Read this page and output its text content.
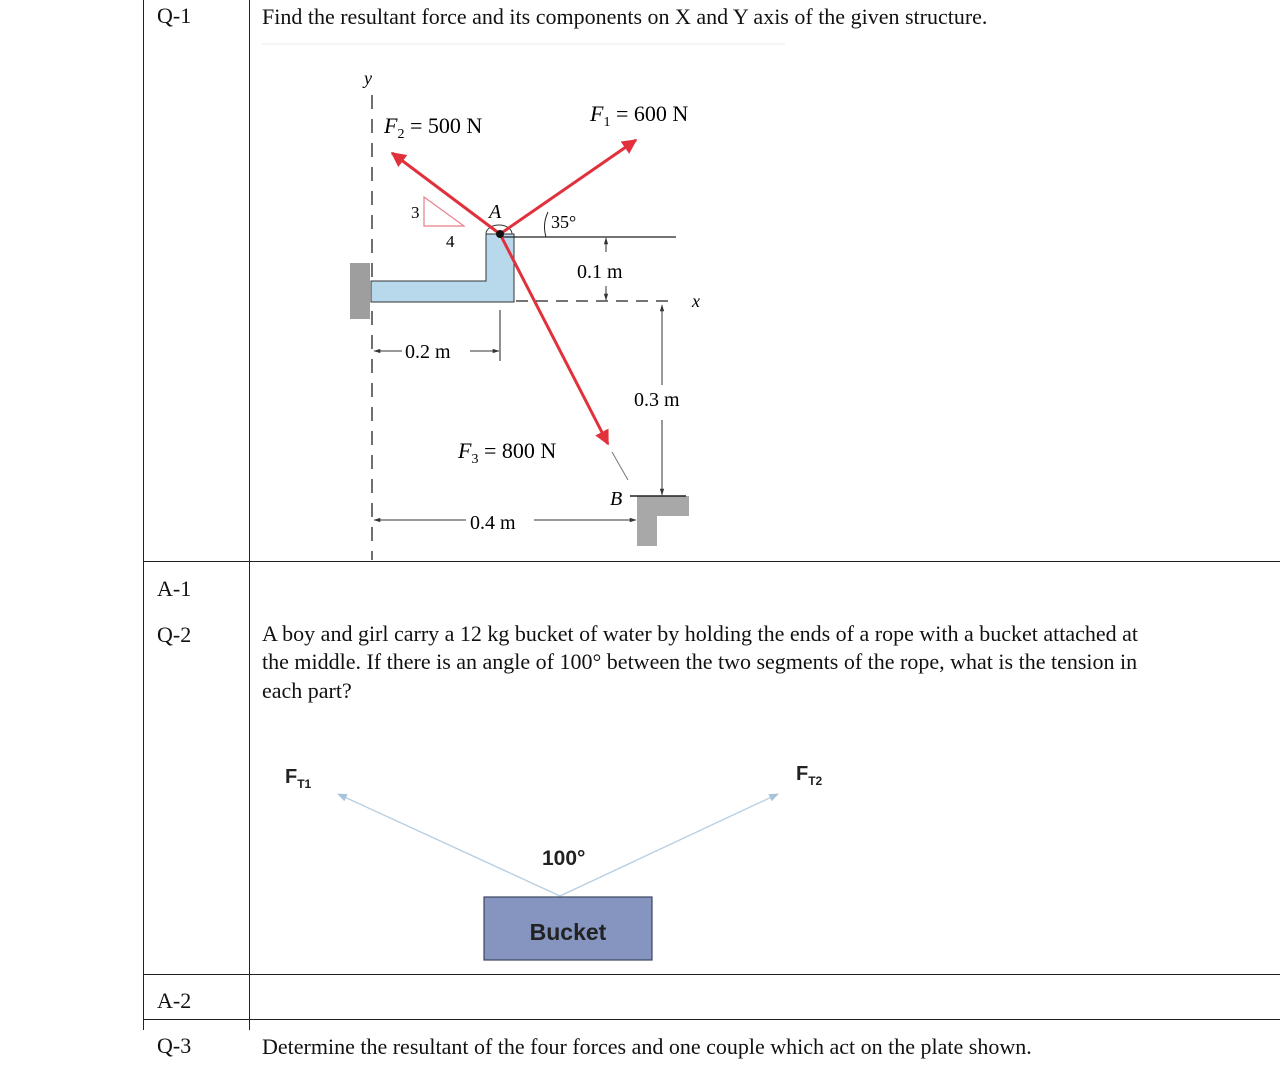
Q-1	Find the resultant force and its components on X and Y axis of the given structure.
y
3
4
35°
A
$F_2 = 500$ N	$F_1 = 600$ N
$F_3 = 800$ N
0.1 m
x
0.2 m
0.3 m
B
0.4 m
A-1
Q-2	A boy and girl carry a 12 kg bucket of water by holding the ends of a rope with a bucket attached at
the middle. If there is an angle of 100° between the two segments of the rope, what is the tension in
each part?
$F_{T1}$	$F_{T2}$
100°
Bucket
A-2
Q-3	Determine the resultant of the four forces and one couple which act on the plate shown.
